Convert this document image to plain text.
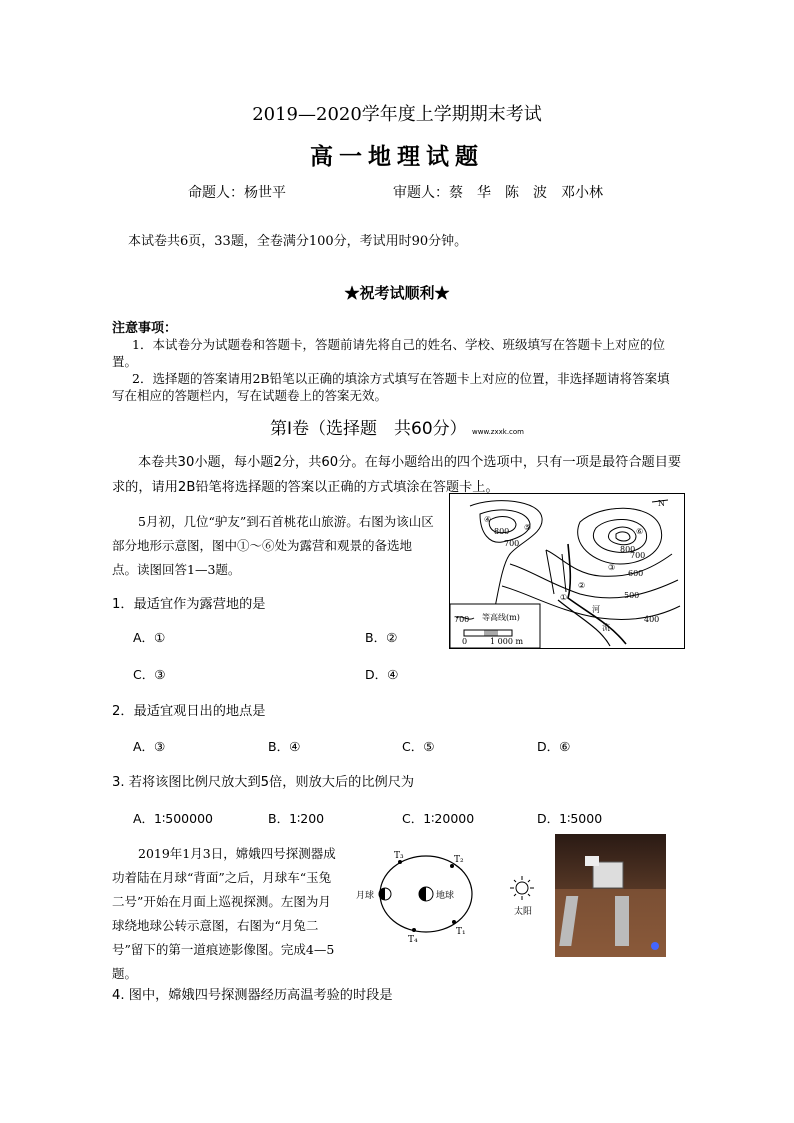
2019—2020学年度上学期期末考试
高一地理试题
命题人：杨世平	审题人：蔡　华　陈　波　邓小林
本试卷共6页，33题，全卷满分100分，考试用时90分钟。
★祝考试顺利★
注意事项：
1．本试卷分为试题卷和答题卡，答题前请先将自己的姓名、学校、班级填写在答题卡上对应的位置。
2．选择题的答案请用2B铅笔以正确的填涂方式填写在答题卡上对应的位置，非选择题请将答案填写在相应的答题栏内，写在试题卷上的答案无效。
第Ⅰ卷（选择题　共60分） www.zxxk.com
本卷共30小题，每小题2分，共60分。在每小题给出的四个选项中，只有一项是最符合题目要求的，请用2B铅笔将选择题的答案以正确的方式填涂在答题卡上。
5月初，几位“驴友”到石首桃花山旅游。右图为该山区部分地形示意图，图中①～⑥处为露营和观景的备选地点。读图回答1—3题。
N
800
700
800
700
600
500
400
④
⑤	⑥
③
②
①
河
流
700 等高线(m)
0	1 000 m
1．最适宜作为露营地的是
A．①	B．②
C．③	D．④
2．最适宜观日出的地点是
A．③	B．④	C．⑤	D．⑥
3. 若将该图比例尺放大到5倍，则放大后的比例尺为
A．1∶500000	B．1∶200	C．1∶20000	D．1∶5000
2019年1月3日，嫦娥四号探测器成功着陆在月球“背面”之后，月球车“玉兔二号”开始在月面上巡视探测。左图为月球绕地球公转示意图，右图为“月兔二号”留下的第一道痕迹影像图。完成4—5题。
月球	地球
T₃	T₂
T₄
T₁
太阳
4. 图中，嫦娥四号探测器经历高温考验的时段是
